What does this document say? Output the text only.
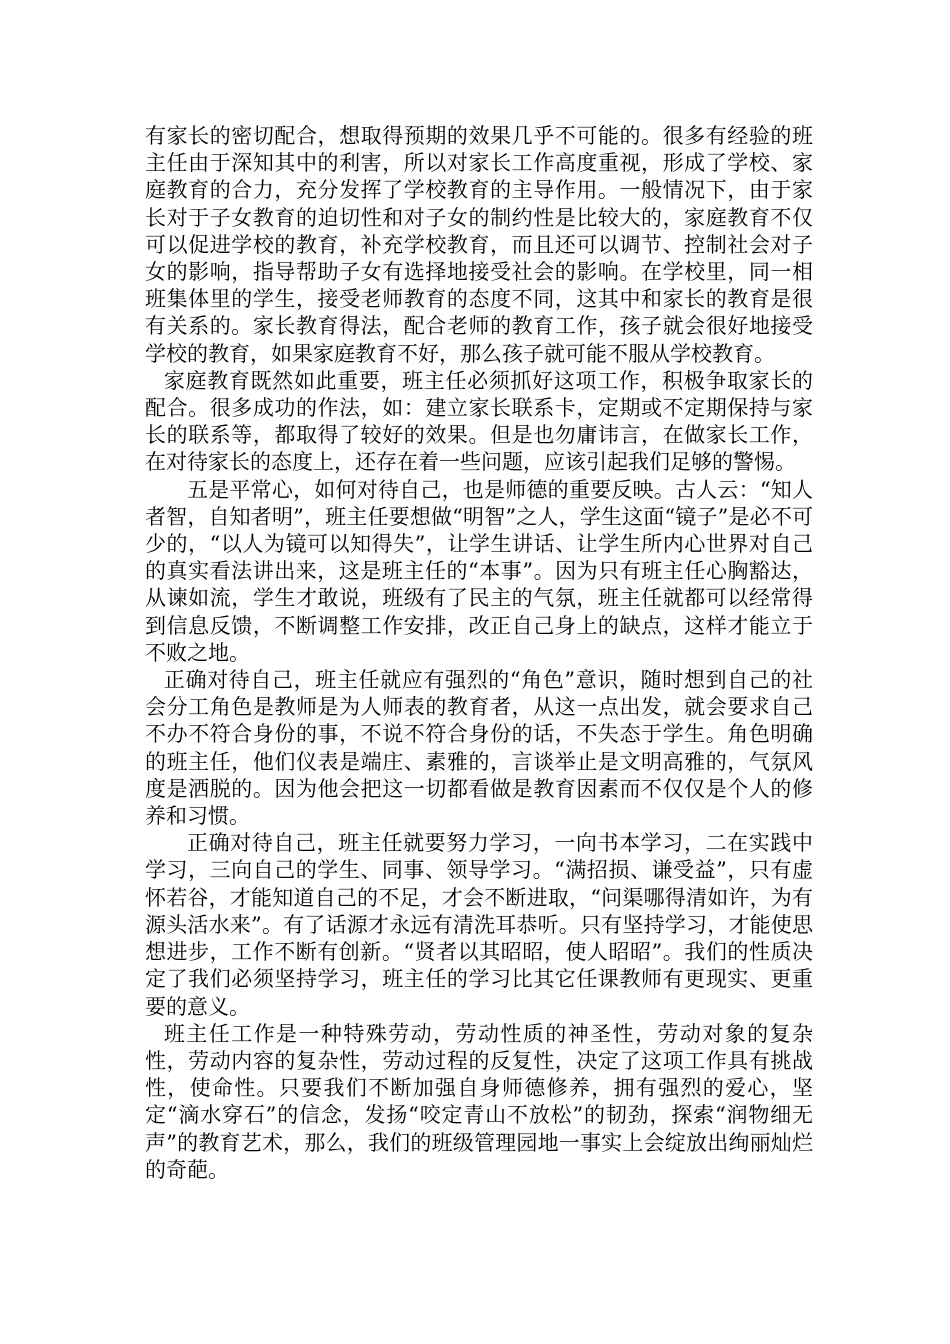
有家长的密切配合，想取得预期的效果几乎不可能的。很多有经验的班主任由于深知其中的利害，所以对家长工作高度重视，形成了学校、家庭教育的合力，充分发挥了学校教育的主导作用。一般情况下，由于家长对于子女教育的迫切性和对子女的制约性是比较大的，家庭教育不仅可以促进学校的教育，补充学校教育，而且还可以调节、控制社会对子女的影响，指导帮助子女有选择地接受社会的影响。在学校里，同一相班集体里的学生，接受老师教育的态度不同，这其中和家长的教育是很有关系的。家长教育得法，配合老师的教育工作，孩子就会很好地接受学校的教育，如果家庭教育不好，那么孩子就可能不服从学校教育。

家庭教育既然如此重要，班主任必须抓好这项工作，积极争取家长的配合。很多成功的作法，如：建立家长联系卡，定期或不定期保持与家长的联系等，都取得了较好的效果。但是也勿庸讳言，在做家长工作，在对待家长的态度上，还存在着一些问题，应该引起我们足够的警惕。

五是平常心，如何对待自己，也是师德的重要反映。古人云：“知人者智，自知者明”，班主任要想做“明智”之人，学生这面“镜子”是必不可少的，“以人为镜可以知得失”，让学生讲话、让学生所内心世界对自己的真实看法讲出来，这是班主任的“本事”。因为只有班主任心胸豁达，从谏如流，学生才敢说，班级有了民主的气氛，班主任就都可以经常得到信息反馈，不断调整工作安排，改正自己身上的缺点，这样才能立于不败之地。

正确对待自己，班主任就应有强烈的“角色”意识，随时想到自己的社会分工角色是教师是为人师表的教育者，从这一点出发，就会要求自己不办不符合身份的事，不说不符合身份的话，不失态于学生。角色明确的班主任，他们仪表是端庄、素雅的，言谈举止是文明高雅的，气氛风度是洒脱的。因为他会把这一切都看做是教育因素而不仅仅是个人的修养和习惯。

正确对待自己，班主任就要努力学习，一向书本学习，二在实践中学习，三向自己的学生、同事、领导学习。“满招损、谦受益”，只有虚怀若谷，才能知道自己的不足，才会不断进取，“问渠哪得清如许，为有源头活水来”。有了话源才永远有清洗耳恭听。只有坚持学习，才能使思想进步，工作不断有创新。“贤者以其昭昭，使人昭昭”。我们的性质决定了我们必须坚持学习，班主任的学习比其它任课教师有更现实、更重要的意义。

班主任工作是一种特殊劳动，劳动性质的神圣性，劳动对象的复杂性，劳动内容的复杂性，劳动过程的反复性，决定了这项工作具有挑战性，使命性。只要我们不断加强自身师德修养，拥有强烈的爱心，坚定“滴水穿石”的信念，发扬“咬定青山不放松”的韧劲，探索“润物细无声”的教育艺术，那么，我们的班级管理园地一事实上会绽放出绚丽灿烂的奇葩。
